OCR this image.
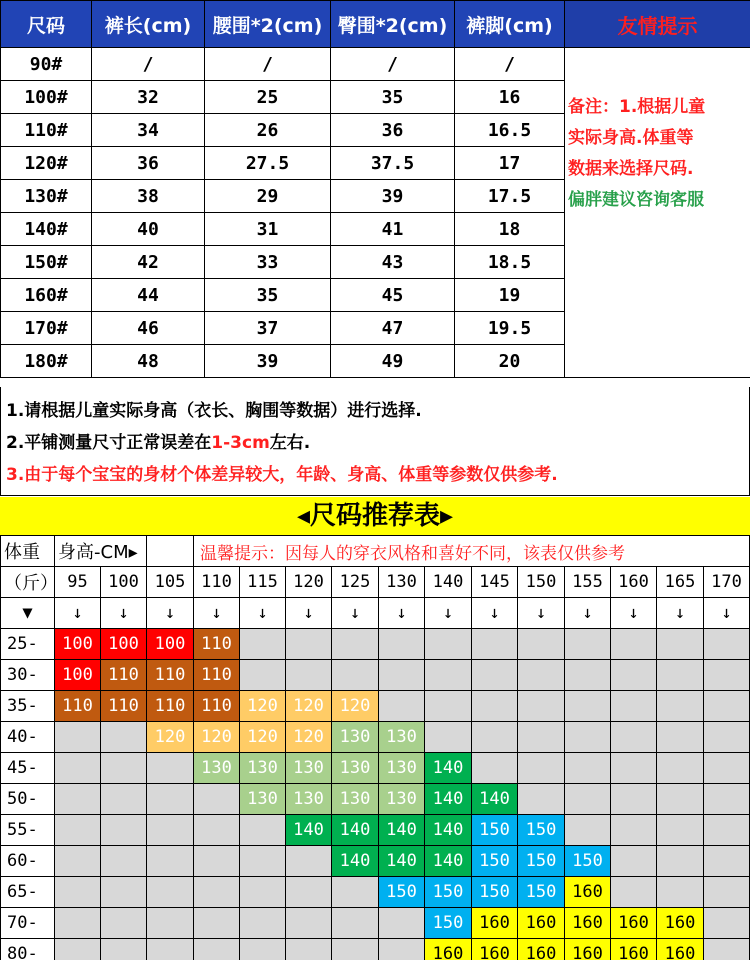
尺码	裤长(cm)	腰围*2(cm)	臀围*2(cm)	裤脚(cm)	友情提示
90#	/	/	/	/	备注：1.根据儿童
实际身高.体重等
数据来选择尺码.
偏胖建议咨询客服

100#	32	25	35	16	
110#	34	26	36	16.5	
120#	36	27.5	37.5	17	
130#	38	29	39	17.5	
140#	40	31	41	18	
150#	42	33	43	18.5	
160#	44	35	45	19	
170#	46	37	47	19.5	
180#	48	39	49	20	
1.请根据儿童实际身高（衣长、胸围等数据）进行选择.
2.平铺测量尺寸正常误差在1-3cm左右.
3.由于每个宝宝的身材个体差异较大，年龄、身高、体重等参数仅供参考.
◂尺码推荐表▸
体重	身高-CM▸			温馨提示：因每人的穿衣风格和喜好不同，该表仅供参考											
（斤）	95	100	105	110	115	120	125	130	140	145	150	155	160	165	170
▼	↓	↓	↓	↓	↓	↓	↓	↓	↓	↓	↓	↓	↓	↓	↓
25-	100	100	100	110											
30-	100	110	110	110											
35-	110	110	110	110	120	120	120								
40-			120	120	120	120	130	130							
45-				130	130	130	130	130	140						
50-					130	130	130	130	140	140					
55-						140	140	140	140	150	150				
60-							140	140	140	150	150	150			
65-								150	150	150	150	160			
70-									150	160	160	160	160	160	
80-									160	160	160	160	160	160	
